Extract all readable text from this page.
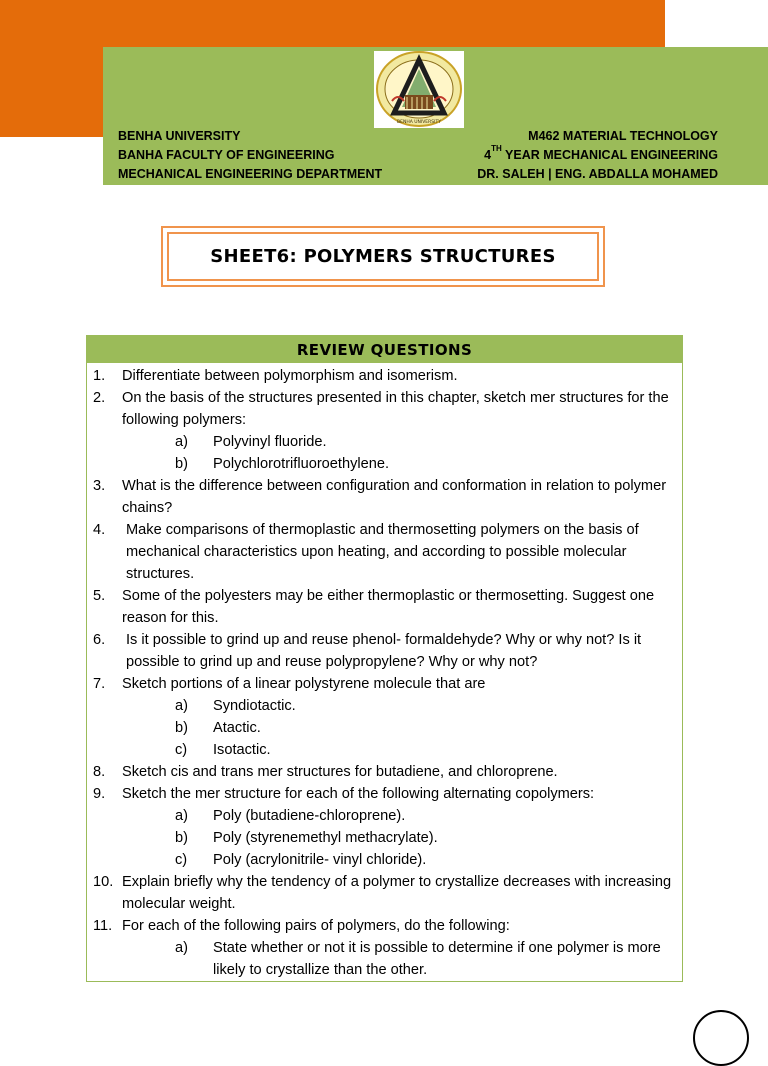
BENHA UNIVERSITY
BENHA UNIVERSITY
BANHA FACULTY OF ENGINEERING
MECHANICAL ENGINEERING DEPARTMENT
M462 MATERIAL TECHNOLOGY
4TH YEAR MECHANICAL ENGINEERING
DR. SALEH | ENG. ABDALLA MOHAMED
SHEET6: POLYMERS STRUCTURES
REVIEW QUESTIONS
1.	Differentiate between polymorphism and isomerism.
2.	On the basis of the structures presented in this chapter, sketch mer structures for the following polymers:
a)	Polyvinyl fluoride.
b)	Polychlorotrifluoroethylene.
3.	What is the difference between configuration and conformation in relation to polymer chains?
4.	Make comparisons of thermoplastic and thermosetting polymers on the basis of mechanical characteristics upon heating, and according to possible molecular structures.
5.	Some of the polyesters may be either thermoplastic or thermosetting. Suggest one reason for this.
6.	Is it possible to grind up and reuse phenol- formaldehyde? Why or why not? Is it possible to grind up and reuse polypropylene? Why or why not?
7.	Sketch portions of a linear polystyrene molecule that are
a)	Syndiotactic.
b)	Atactic.
c)	Isotactic.
8.	Sketch cis and trans mer structures for butadiene, and chloroprene.
9.	Sketch the mer structure for each of the following alternating copolymers:
a)	Poly (butadiene-chloroprene).
b)	Poly (styrenemethyl methacrylate).
c)	Poly (acrylonitrile- vinyl chloride).
10. Explain briefly why the tendency of a polymer to crystallize decreases with increasing molecular weight.
11. For each of the following pairs of polymers, do the following:
a)	State whether or not it is possible to determine if one polymer is more likely to crystallize than the other.
